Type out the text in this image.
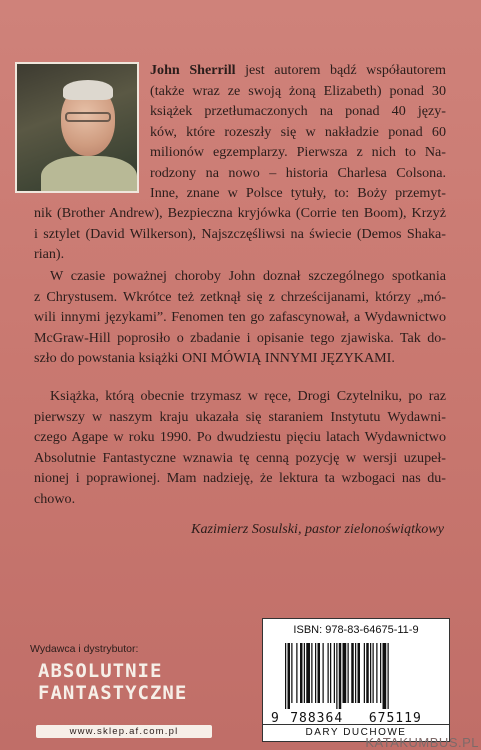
John Sherrill jest autorem bądź współautorem
(także wraz ze swoją żoną Elizabeth) ponad 30
książek przetłumaczonych na ponad 40 języ-
ków, które rozeszły się w nakładzie ponad 60
milionów egzemplarzy. Pierwsza z nich to Na-
rodzony na nowo – historia Charlesa Colsona.
Inne, znane w Polsce tytuły, to: Boży przemyt-
nik (Brother Andrew), Bezpieczna kryjówka (Corrie ten Boom), Krzyż
i sztylet (David Wilkerson), Najszczęśliwsi na świecie (Demos Shaka-
rian).
W czasie poważnej choroby John doznał szczególnego spotkania
z Chrystusem. Wkrótce też zetknął się z chrześcijanami, którzy „mó-
wili innymi językami”. Fenomen ten go zafascynował, a Wydawnictwo
McGraw-Hill poprosiło o zbadanie i opisanie tego zjawiska. Tak do-
szło do powstania książki ONI MÓWIĄ INNYMI JĘZYKAMI.
Książka, którą obecnie trzymasz w ręce, Drogi Czytelniku, po raz
pierwszy w naszym kraju ukazała się staraniem Instytutu Wydawni-
czego Agape w roku 1990. Po dwudziestu pięciu latach Wydawnictwo
Absolutnie Fantastyczne wznawia tę cenną pozycję w wersji uzupeł-
nionej i poprawionej. Mam nadzieję, że lektura ta wzbogaci nas du-
chowo.
Kazimierz Sosulski, pastor zielonoświątkowy
Wydawca i dystrybutor:
ABSOLUTNIE
FANTASTYCZNE
www.sklep.af.com.pl
ISBN: 978-83-64675-11-9
9 788364 675119
DARY DUCHOWE
KATAKUMBUS.PL
